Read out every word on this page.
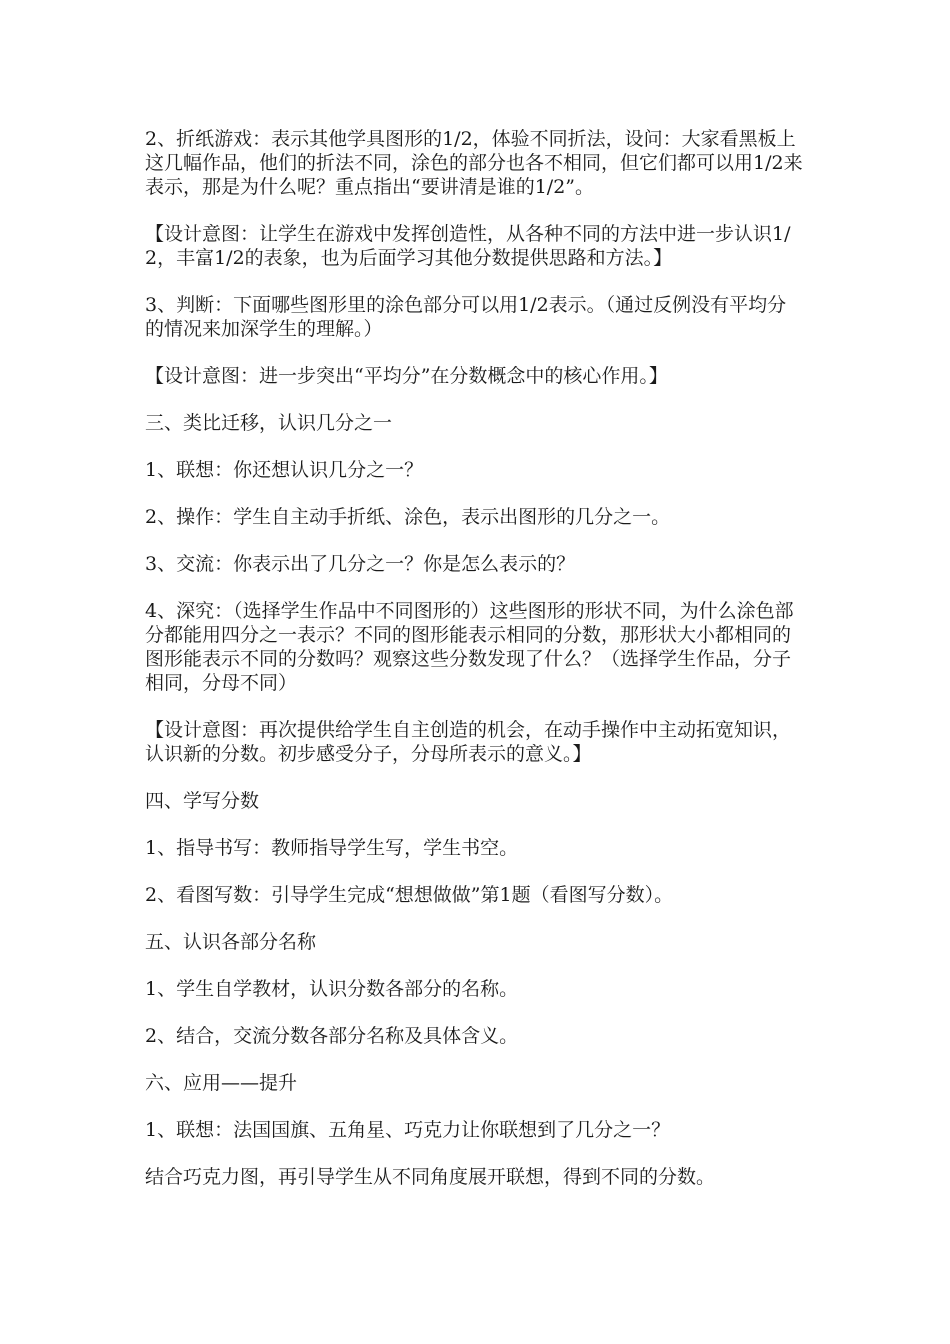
2、折纸游戏：表示其他学具图形的1/2，体验不同折法，设问：大家看黑板上这几幅作品，他们的折法不同，涂色的部分也各不相同，但它们都可以用1/2来表示，那是为什么呢？重点指出“要讲清是谁的1/2”。

【设计意图：让学生在游戏中发挥创造性，从各种不同的方法中进一步认识1/2，丰富1/2的表象，也为后面学习其他分数提供思路和方法。】

3、判断：下面哪些图形里的涂色部分可以用1/2表示。（通过反例没有平均分的情况来加深学生的理解。）

【设计意图：进一步突出“平均分”在分数概念中的核心作用。】

三、类比迁移，认识几分之一

1、联想：你还想认识几分之一？

2、操作：学生自主动手折纸、涂色，表示出图形的几分之一。

3、交流：你表示出了几分之一？你是怎么表示的？

4、深究：（选择学生作品中不同图形的）这些图形的形状不同，为什么涂色部分都能用四分之一表示？不同的图形能表示相同的分数，那形状大小都相同的图形能表示不同的分数吗？观察这些分数发现了什么？（选择学生作品，分子相同，分母不同）

【设计意图：再次提供给学生自主创造的机会，在动手操作中主动拓宽知识，认识新的分数。初步感受分子，分母所表示的意义。】

四、学写分数

1、指导书写：教师指导学生写，学生书空。

2、看图写数：引导学生完成“想想做做”第1题（看图写分数）。

五、认识各部分名称

1、学生自学教材，认识分数各部分的名称。

2、结合，交流分数各部分名称及具体含义。

六、应用——提升

1、联想：法国国旗、五角星、巧克力让你联想到了几分之一？

结合巧克力图，再引导学生从不同角度展开联想，得到不同的分数。
